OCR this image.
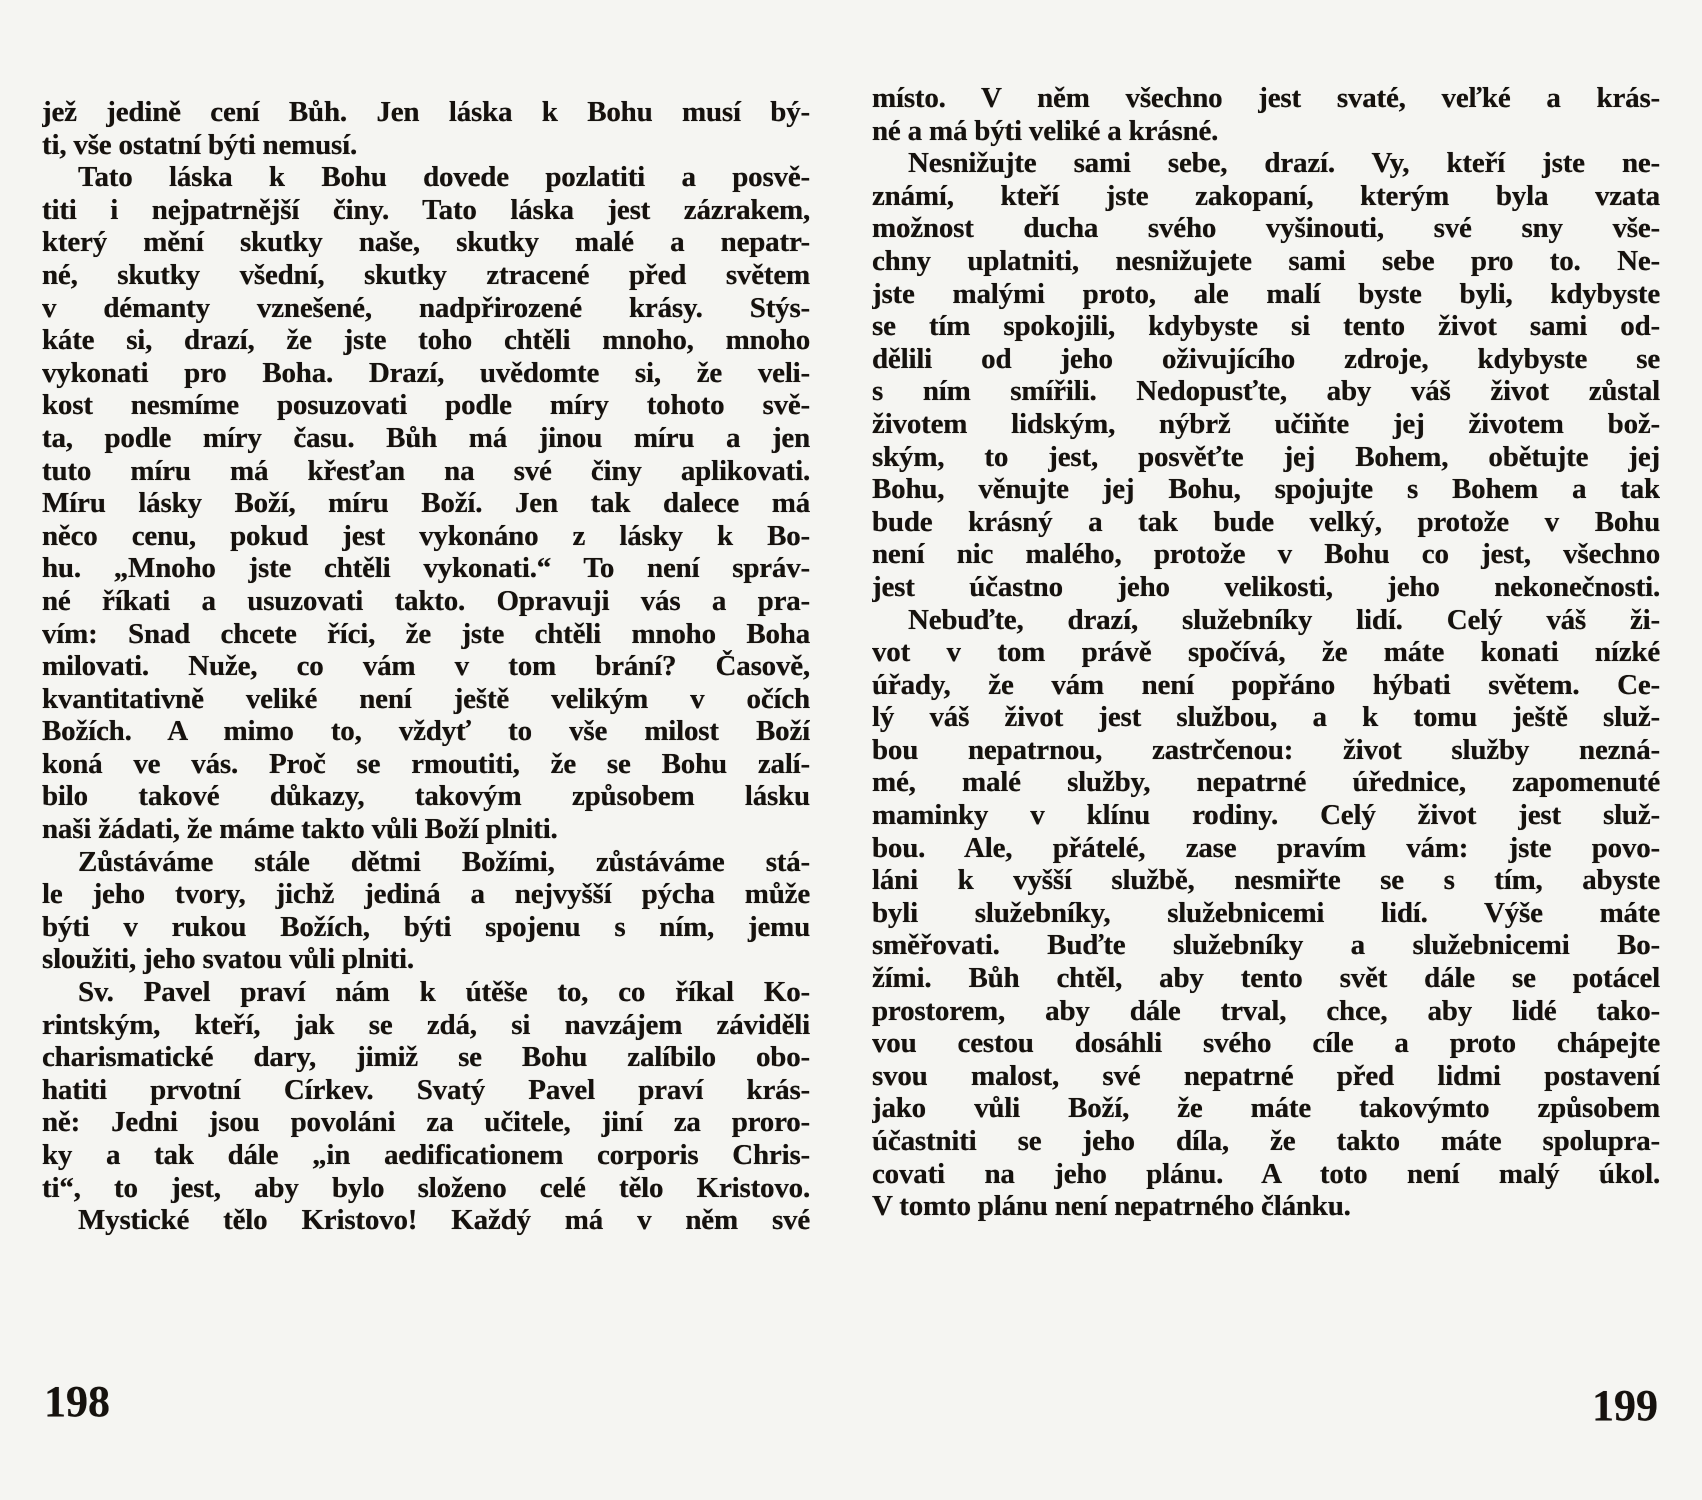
jež jedině cení Bůh. Jen láska k Bohu musí bý-
ti, vše ostatní býti nemusí.
Tato láska k Bohu dovede pozlatiti a posvě-
titi i nejpatrnější činy. Tato láska jest zázrakem,
který mění skutky naše, skutky malé a nepatr-
né, skutky všední, skutky ztracené před světem
v démanty vznešené, nadpřirozené krásy. Stýs-
káte si, drazí, že jste toho chtěli mnoho, mnoho
vykonati pro Boha. Drazí, uvědomte si, že veli-
kost nesmíme posuzovati podle míry tohoto svě-
ta, podle míry času. Bůh má jinou míru a jen
tuto míru má křesťan na své činy aplikovati.
Míru lásky Boží, míru Boží. Jen tak dalece má
něco cenu, pokud jest vykonáno z lásky k Bo-
hu. „Mnoho jste chtěli vykonati.“ To není správ-
né říkati a usuzovati takto. Opravuji vás a pra-
vím: Snad chcete říci, že jste chtěli mnoho Boha
milovati. Nuže, co vám v tom brání? Časově,
kvantitativně veliké není ještě velikým v očích
Božích. A mimo to, vždyť to vše milost Boží
koná ve vás. Proč se rmoutiti, že se Bohu zalí-
bilo takové důkazy, takovým způsobem lásku
naši žádati, že máme takto vůli Boží plniti.
Zůstáváme stále dětmi Božími, zůstáváme stá-
le jeho tvory, jichž jediná a nejvyšší pýcha může
býti v rukou Božích, býti spojenu s ním, jemu
sloužiti, jeho svatou vůli plniti.
Sv. Pavel praví nám k útěše to, co říkal Ko-
rintským, kteří, jak se zdá, si navzájem záviděli
charismatické dary, jimiž se Bohu zalíbilo obo-
hatiti prvotní Církev. Svatý Pavel praví krás-
ně: Jedni jsou povoláni za učitele, jiní za proro-
ky a tak dále „in aedificationem corporis Chris-
ti“, to jest, aby bylo složeno celé tělo Kristovo.
Mystické tělo Kristovo! Každý má v něm své
místo. V něm všechno jest svaté, veľké a krás-
né a má býti veliké a krásné.
Nesnižujte sami sebe, drazí. Vy, kteří jste ne-
známí, kteří jste zakopaní, kterým byla vzata
možnost ducha svého vyšinouti, své sny vše-
chny uplatniti, nesnižujete sami sebe pro to. Ne-
jste malými proto, ale malí byste byli, kdybyste
se tím spokojili, kdybyste si tento život sami od-
dělili od jeho oživujícího zdroje, kdybyste se
s ním smířili. Nedopusťte, aby váš život zůstal
životem lidským, nýbrž učiňte jej životem bož-
ským, to jest, posvěťte jej Bohem, obětujte jej
Bohu, věnujte jej Bohu, spojujte s Bohem a tak
bude krásný a tak bude velký, protože v Bohu
není nic malého, protože v Bohu co jest, všechno
jest účastno jeho velikosti, jeho nekonečnosti.
Nebuďte, drazí, služebníky lidí. Celý váš ži-
vot v tom právě spočívá, že máte konati nízké
úřady, že vám není popřáno hýbati světem. Ce-
lý váš život jest službou, a k tomu ještě služ-
bou nepatrnou, zastrčenou: život služby nezná-
mé, malé služby, nepatrné úřednice, zapomenuté
maminky v klínu rodiny. Celý život jest služ-
bou. Ale, přátelé, zase pravím vám: jste povo-
láni k vyšší službě, nesmiřte se s tím, abyste
byli služebníky, služebnicemi lidí. Výše máte
směřovati. Buďte služebníky a služebnicemi Bo-
žími. Bůh chtěl, aby tento svět dále se potácel
prostorem, aby dále trval, chce, aby lidé tako-
vou cestou dosáhli svého cíle a proto chápejte
svou malost, své nepatrné před lidmi postavení
jako vůli Boží, že máte takovýmto způsobem
účastniti se jeho díla, že takto máte spolupra-
covati na jeho plánu. A toto není malý úkol.
V tomto plánu není nepatrného článku.
198	199
